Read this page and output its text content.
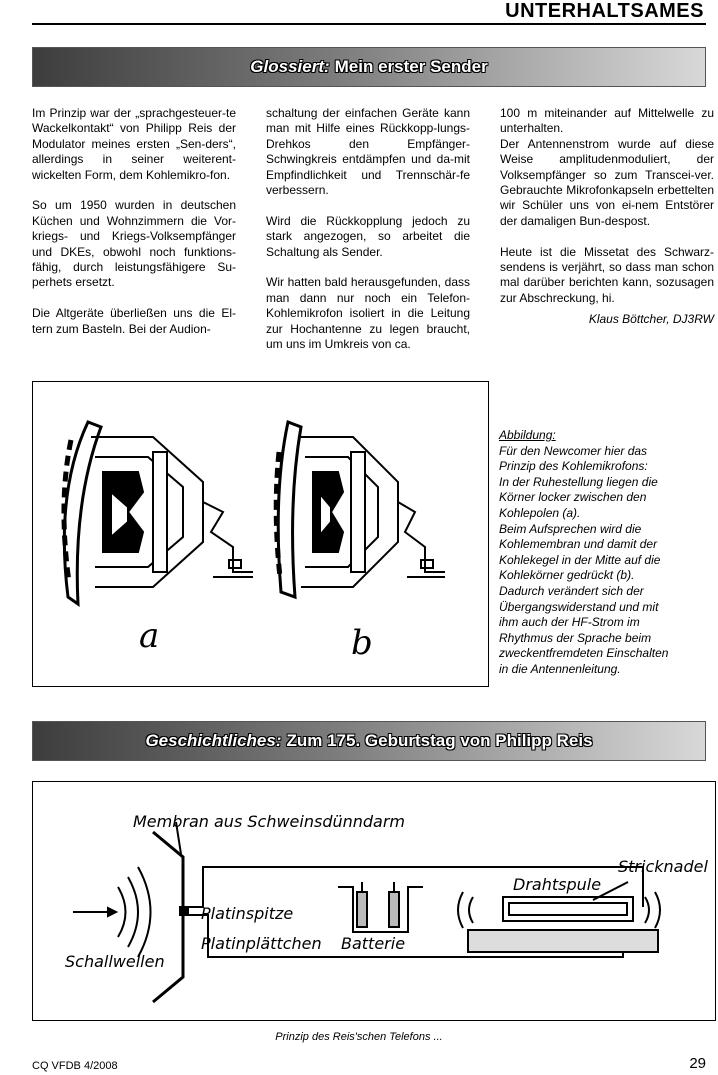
UNTERHALTSAMES
Glossiert: Mein erster Sender

Im Prinzip war der „sprachgesteuer-te Wackelkontakt“ von Philipp Reis der Modulator meines ersten „Sen-ders“, allerdings in seiner weiterent-wickelten Form, dem Kohlemikro-fon.

So um 1950 wurden in deutschen Küchen und Wohnzimmern die Vor-kriegs- und Kriegs-Volksempfänger und DKEs, obwohl noch funktions-fähig, durch leistungsfähigere Su-perhets ersetzt.

Die Altgeräte überließen uns die El-tern zum Basteln. Bei der Audion-

schaltung der einfachen Geräte kann man mit Hilfe eines Rückkopp-lungs-Drehkos den Empfänger-Schwingkreis entdämpfen und da-mit Empfindlichkeit und Trennschär-fe verbessern.

Wird die Rückkopplung jedoch zu stark angezogen, so arbeitet die Schaltung als Sender.

Wir hatten bald herausgefunden, dass man dann nur noch ein Telefon-Kohlemikrofon isoliert in die Leitung zur Hochantenne zu legen braucht, um uns im Umkreis von ca.

100 m miteinander auf Mittelwelle zu unterhalten.

Der Antennenstrom wurde auf diese Weise amplitudenmoduliert, der Volksempfänger so zum Transcei-ver. Gebrauchte Mikrofonkapseln erbettelten wir Schüler uns von ei-nem Entstörer der damaligen Bun-despost.

Heute ist die Missetat des Schwarz-sendens is verjährt, so dass man schon mal darüber berichten kann, sozusagen zur Abschreckung, hi.

Klaus Böttcher, DJ3RW
a	b
Abbildung:
Für den Newcomer hier das
Prinzip des Kohlemikrofons:
In der Ruhestellung liegen die
Körner locker zwischen den
Kohlepolen (a).
Beim Aufsprechen wird die
Kohlemembran und damit der
Kohlekegel in der Mitte auf die
Kohlekörner gedrückt (b).
Dadurch verändert sich der
Übergangswiderstand und mit
ihm auch der HF-Strom im
Rhythmus der Sprache beim
zweckentfremdeten Einschalten
in die Antennenleitung.
Geschichtliches: Zum 175. Geburtstag von Philipp Reis
Membran aus Schweinsdünndarm
Platinspitze
Platinplättchen Batterie
Schallwellen
Drahtspule
Stricknadel
Prinzip des Reis'schen Telefons ...
CQ VFDB 4/2008	29
